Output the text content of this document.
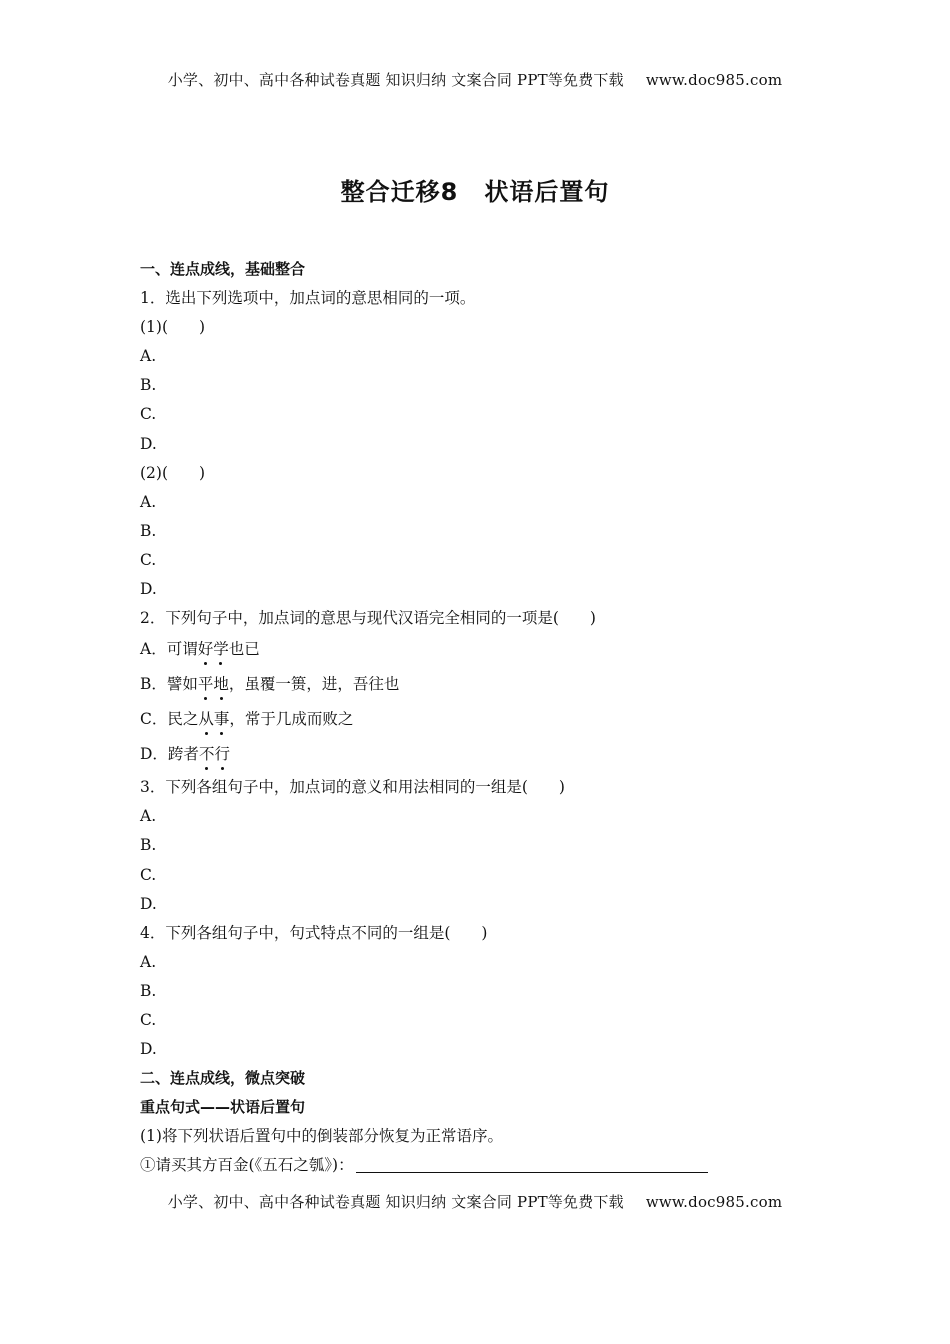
小学、初中、高中各种试卷真题 知识归纳 文案合同 PPT等免费下载 www.doc985.com
整合迁移8 状语后置句
一、连点成线，基础整合
1．选出下列选项中，加点词的意思相同的一项。
(1)(　　)
A.
B.
C.
D.
(2)(　　)
A.
B.
C.
D.
2．下列句子中，加点词的意思与现代汉语完全相同的一项是(　　)
A．可谓好学也已
B．譬如平地，虽覆一篑，进，吾往也
C．民之从事，常于几成而败之
D．跨者不行
3．下列各组句子中，加点词的意义和用法相同的一组是(　　)
A.
B.
C.
D.
4．下列各组句子中，句式特点不同的一组是(　　)
A.
B.
C.
D.
二、连点成线，微点突破
重点句式——状语后置句
(1)将下列状语后置句中的倒装部分恢复为正常语序。
①请买其方百金(《五石之瓠》)：
小学、初中、高中各种试卷真题 知识归纳 文案合同 PPT等免费下载 www.doc985.com
